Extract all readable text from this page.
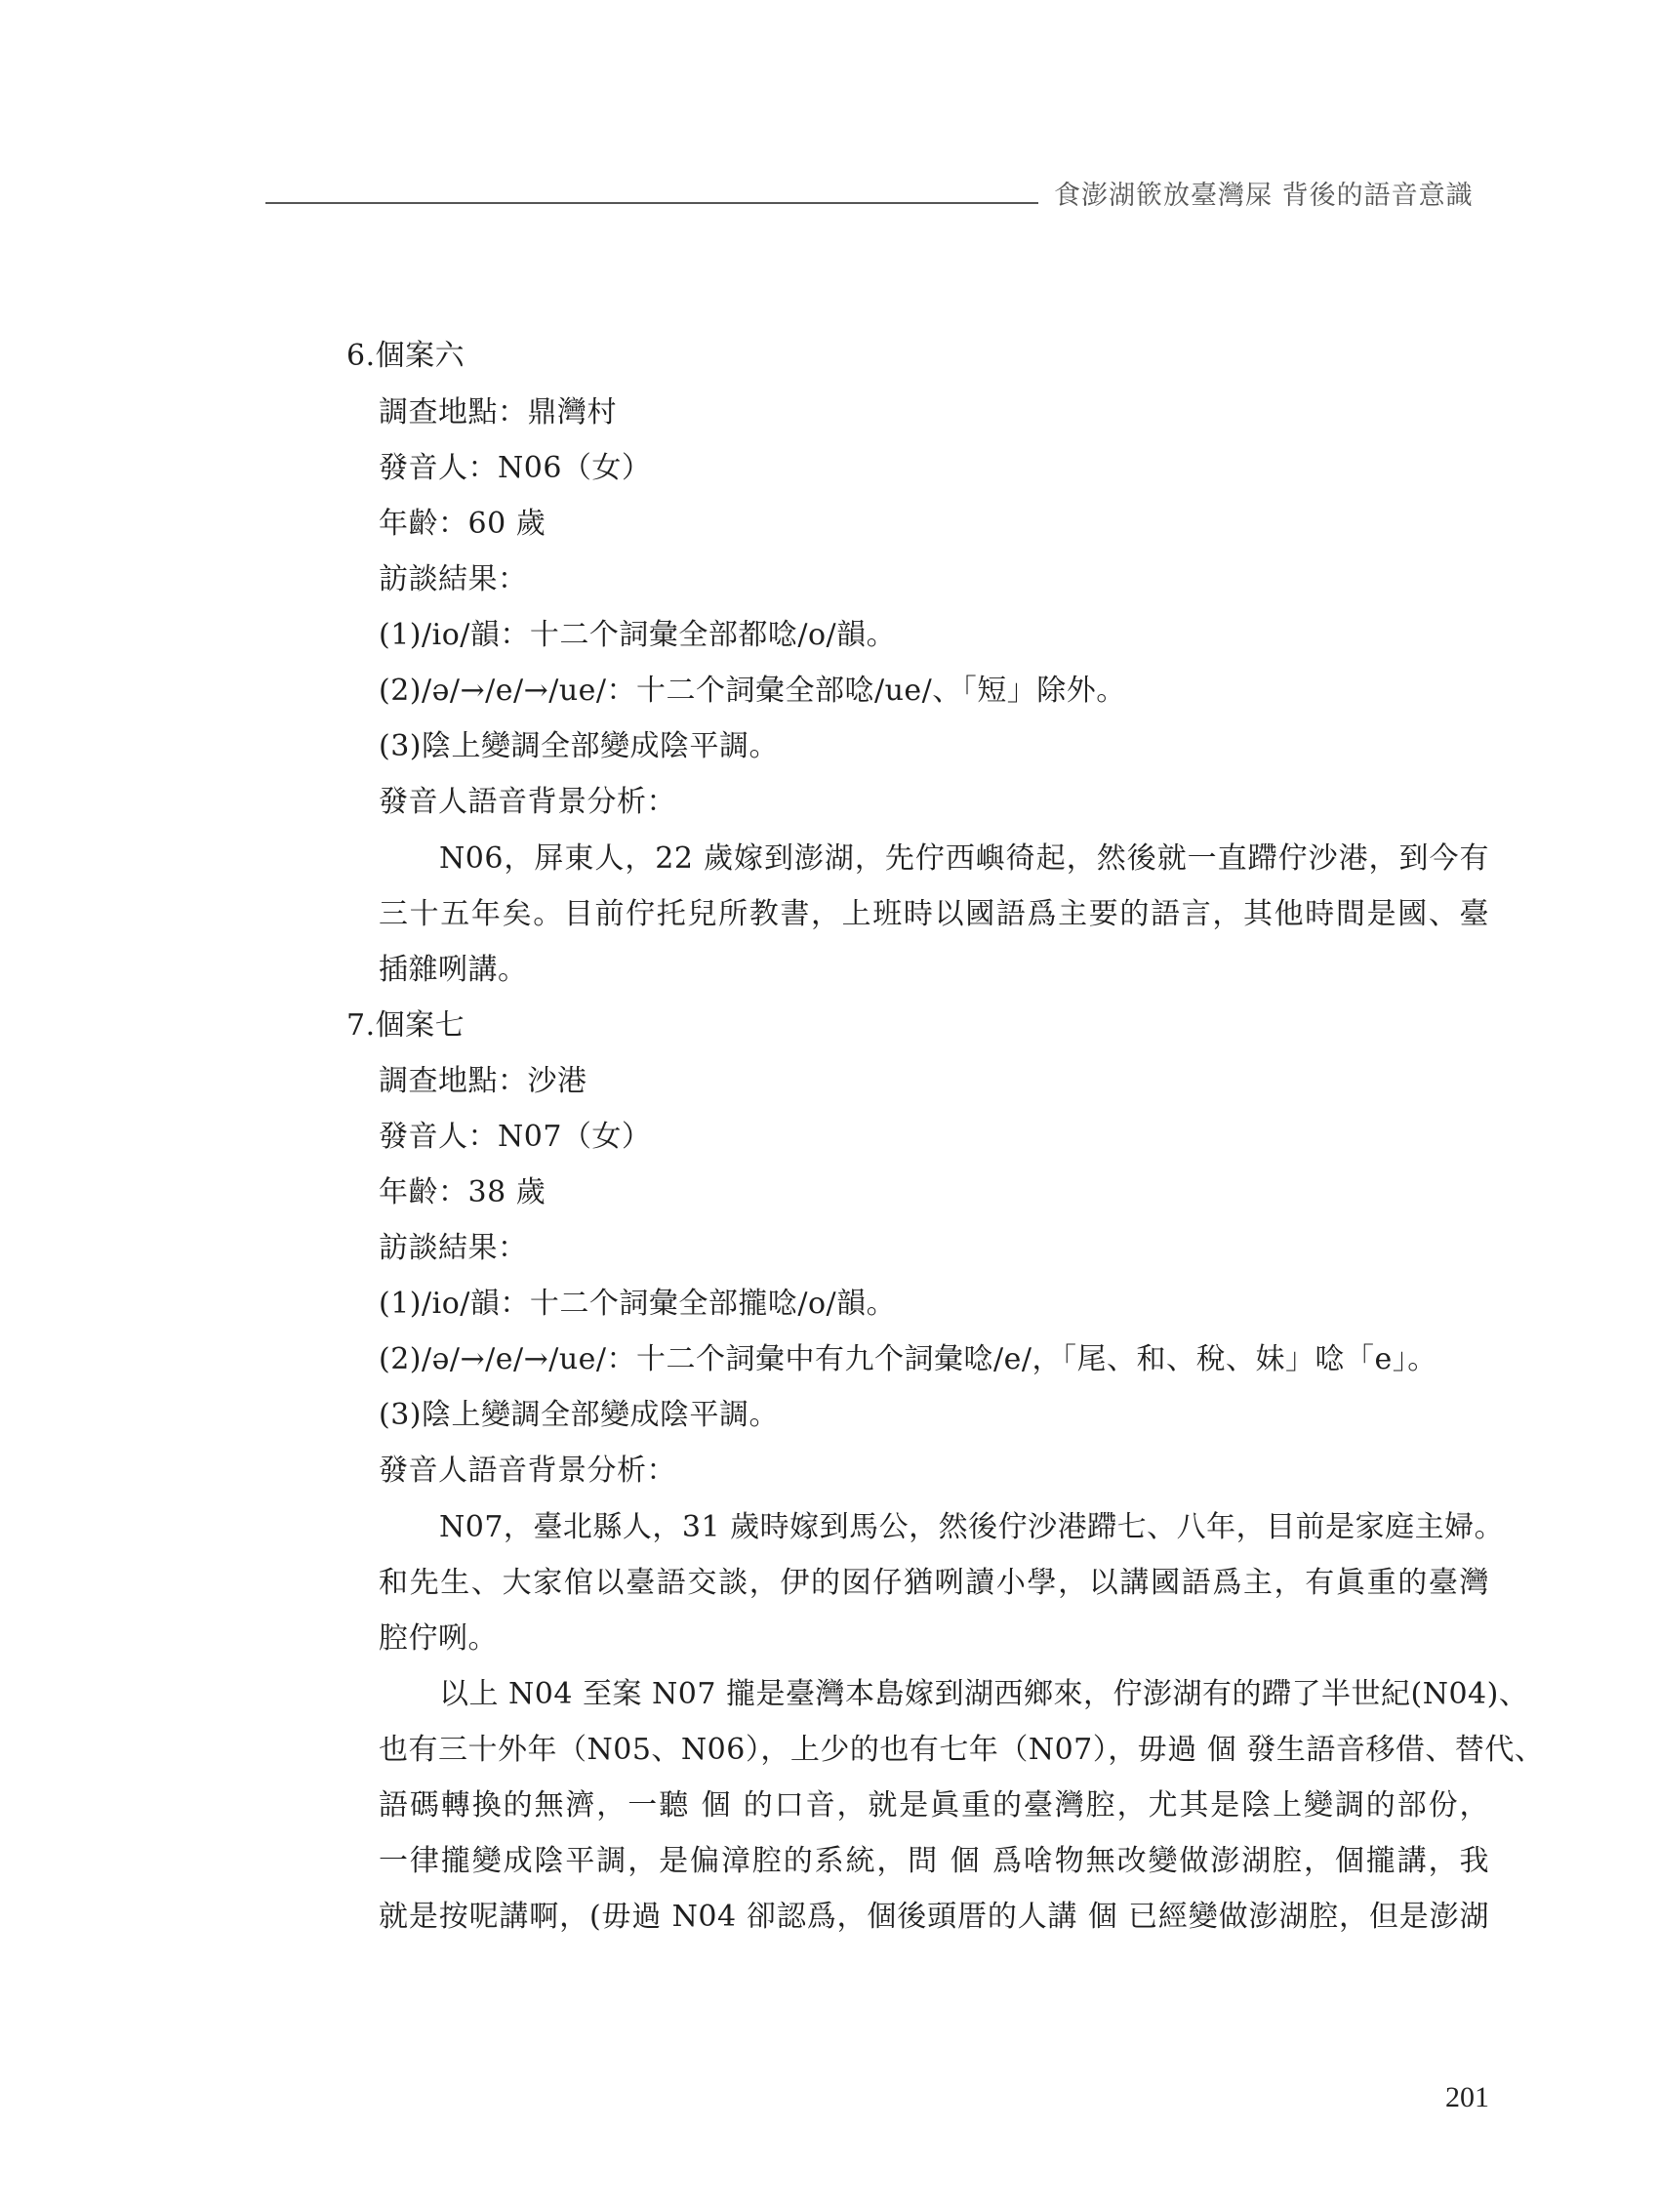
食澎湖篏放臺灣屎 背後的語音意識
6.個案六
調查地點：鼎灣村
發音人：N06（女）
年齡：60 歲
訪談結果：
(1)/io/韻：十二个詞彙全部都唸/o/韻。
(2)/ə/→/e/→/ue/：十二个詞彙全部唸/ue/、「短」除外。
(3)陰上變調全部變成陰平調。
發音人語音背景分析：
N06，屏東人，22 歲嫁到澎湖，先佇西嶼徛起，然後就一直蹛佇沙港，到今有
三十五年矣。目前佇托兒所教書，上班時以國語爲主要的語言，其他時間是國、臺
插雜咧講。
7.個案七
調查地點：沙港
發音人：N07（女）
年齡：38 歲
訪談結果：
(1)/io/韻：十二个詞彙全部攏唸/o/韻。
(2)/ə/→/e/→/ue/：十二个詞彙中有九个詞彙唸/e/，「尾、和、稅、妹」唸「e」。
(3)陰上變調全部變成陰平調。
發音人語音背景分析：
N07，臺北縣人，31 歲時嫁到馬公，然後佇沙港蹛七、八年，目前是家庭主婦。
和先生、大家倌以臺語交談，伊的囡仔猶咧讀小學，以講國語爲主，有眞重的臺灣
腔佇咧。
以上 N04 至案 N07 攏是臺灣本島嫁到湖西鄉來，佇澎湖有的蹛了半世紀(N04)、
也有三十外年（N05、N06），上少的也有七年（N07），毋過 個 發生語音移借、替代、
語碼轉換的無濟，一聽 個 的口音，就是眞重的臺灣腔，尤其是陰上變調的部份，
一律攏變成陰平調，是偏漳腔的系統，問 個 爲啥物無改變做澎湖腔，個攏講，我
就是按呢講啊，(毋過 N04 卻認爲，個後頭厝的人講 個 已經變做澎湖腔，但是澎湖
201
